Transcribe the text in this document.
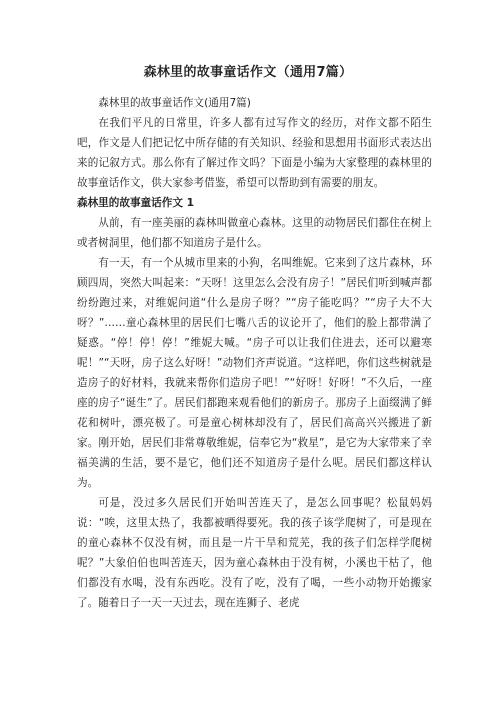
森林里的故事童话作文（通用7篇）

森林里的故事童话作文(通用7篇)

在我们平凡的日常里，许多人都有过写作文的经历，对作文都不陌生吧，作文是人们把记忆中所存储的有关知识、经验和思想用书面形式表达出来的记叙方式。那么你有了解过作文吗？下面是小编为大家整理的森林里的故事童话作文，供大家参考借鉴，希望可以帮助到有需要的朋友。

森林里的故事童话作文 1

从前，有一座美丽的森林叫做童心森林。这里的动物居民们都住在树上或者树洞里，他们都不知道房子是什么。

有一天，有一个从城市里来的小狗，名叫维妮。它来到了这片森林，环顾四周，突然大叫起来：“天呀！这里怎么会没有房子！”居民们听到喊声都纷纷跑过来，对维妮问道“什么是房子呀？”“房子能吃吗？”“房子大不大呀？”……童心森林里的居民们七嘴八舌的议论开了，他们的脸上都带满了疑惑。“停！停！停！”维妮大喊。“房子可以让我们住进去，还可以避寒呢！”“天呀，房子这么好呀！”动物们齐声说道。“这样吧，你们这些树就是造房子的好材料，我就来帮你们造房子吧！”“好呀！好呀！”不久后，一座座的房子“诞生”了。居民们都跑来观看他们的新房子。那房子上面缀满了鲜花和树叶，漂亮极了。可是童心树林却没有了，居民们高高兴兴搬进了新家。刚开始，居民们非常尊敬维妮，信奉它为“救星”，是它为大家带来了幸福美满的生活，要不是它，他们还不知道房子是什么呢。居民们都这样认为。

可是，没过多久居民们开始叫苦连天了，是怎么回事呢？松鼠妈妈说：“唉，这里太热了，我都被晒得要死。我的孩子该学爬树了，可是现在的童心森林不仅没有树，而且是一片干旱和荒芜，我的孩子们怎样学爬树呢？”大象伯伯也叫苦连天，因为童心森林由于没有树，小溪也干枯了，他们都没有水喝，没有东西吃。没有了吃，没有了喝，一些小动物开始搬家了。随着日子一天一天过去，现在连狮子、老虎
